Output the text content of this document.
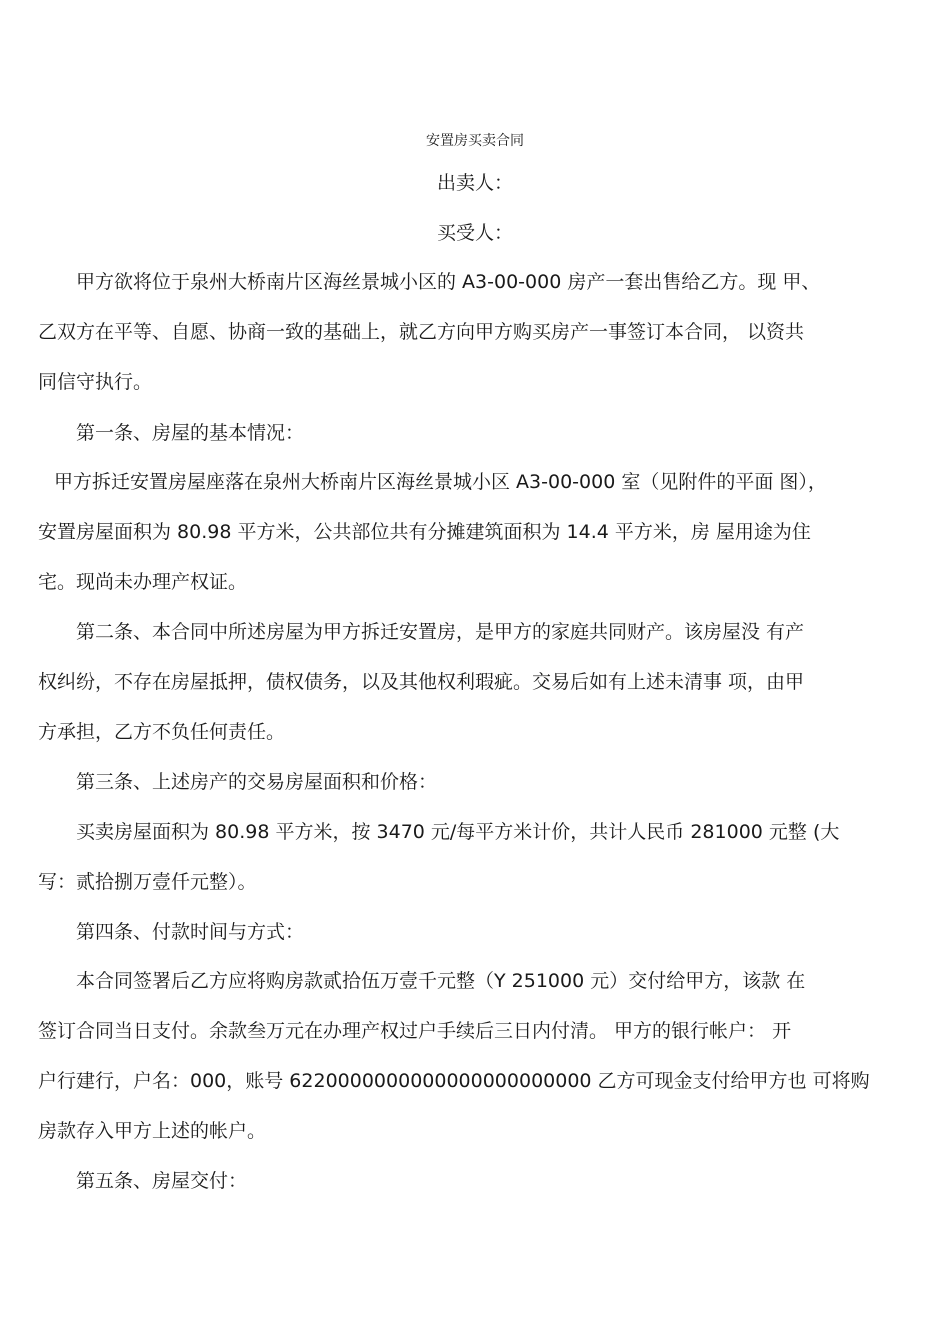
安置房买卖合同
出卖人：
买受人：
甲方欲将位于泉州大桥南片区海丝景城小区的 A3-00-000 房产一套出售给乙方。现 甲、
乙双方在平等、自愿、协商一致的基础上，就乙方向甲方购买房产一事签订本合同， 以资共
同信守执行。
第一条、房屋的基本情况：
甲方拆迁安置房屋座落在泉州大桥南片区海丝景城小区 A3-00-000 室（见附件的平面 图），
安置房屋面积为 80.98 平方米，公共部位共有分摊建筑面积为 14.4 平方米，房 屋用途为住
宅。现尚未办理产权证。
第二条、本合同中所述房屋为甲方拆迁安置房，是甲方的家庭共同财产。该房屋没 有产
权纠纷，不存在房屋抵押，债权债务，以及其他权利瑕疵。交易后如有上述未清事 项，由甲
方承担，乙方不负任何责任。
第三条、上述房产的交易房屋面积和价格：
买卖房屋面积为 80.98 平方米，按 3470 元/每平方米计价，共计人民币 281000 元整 (大
写：贰拾捌万壹仟元整）。
第四条、付款时间与方式：
本合同签署后乙方应将购房款贰拾伍万壹千元整（Y 251000 元）交付给甲方，该款 在
签订合同当日支付。余款叁万元在办理产权过户手续后三日内付清。 甲方的银行帐户： 开
户行建行，户名：000，账号 6220000000000000000000000 乙方可现金支付给甲方也 可将购
房款存入甲方上述的帐户。
第五条、房屋交付：
